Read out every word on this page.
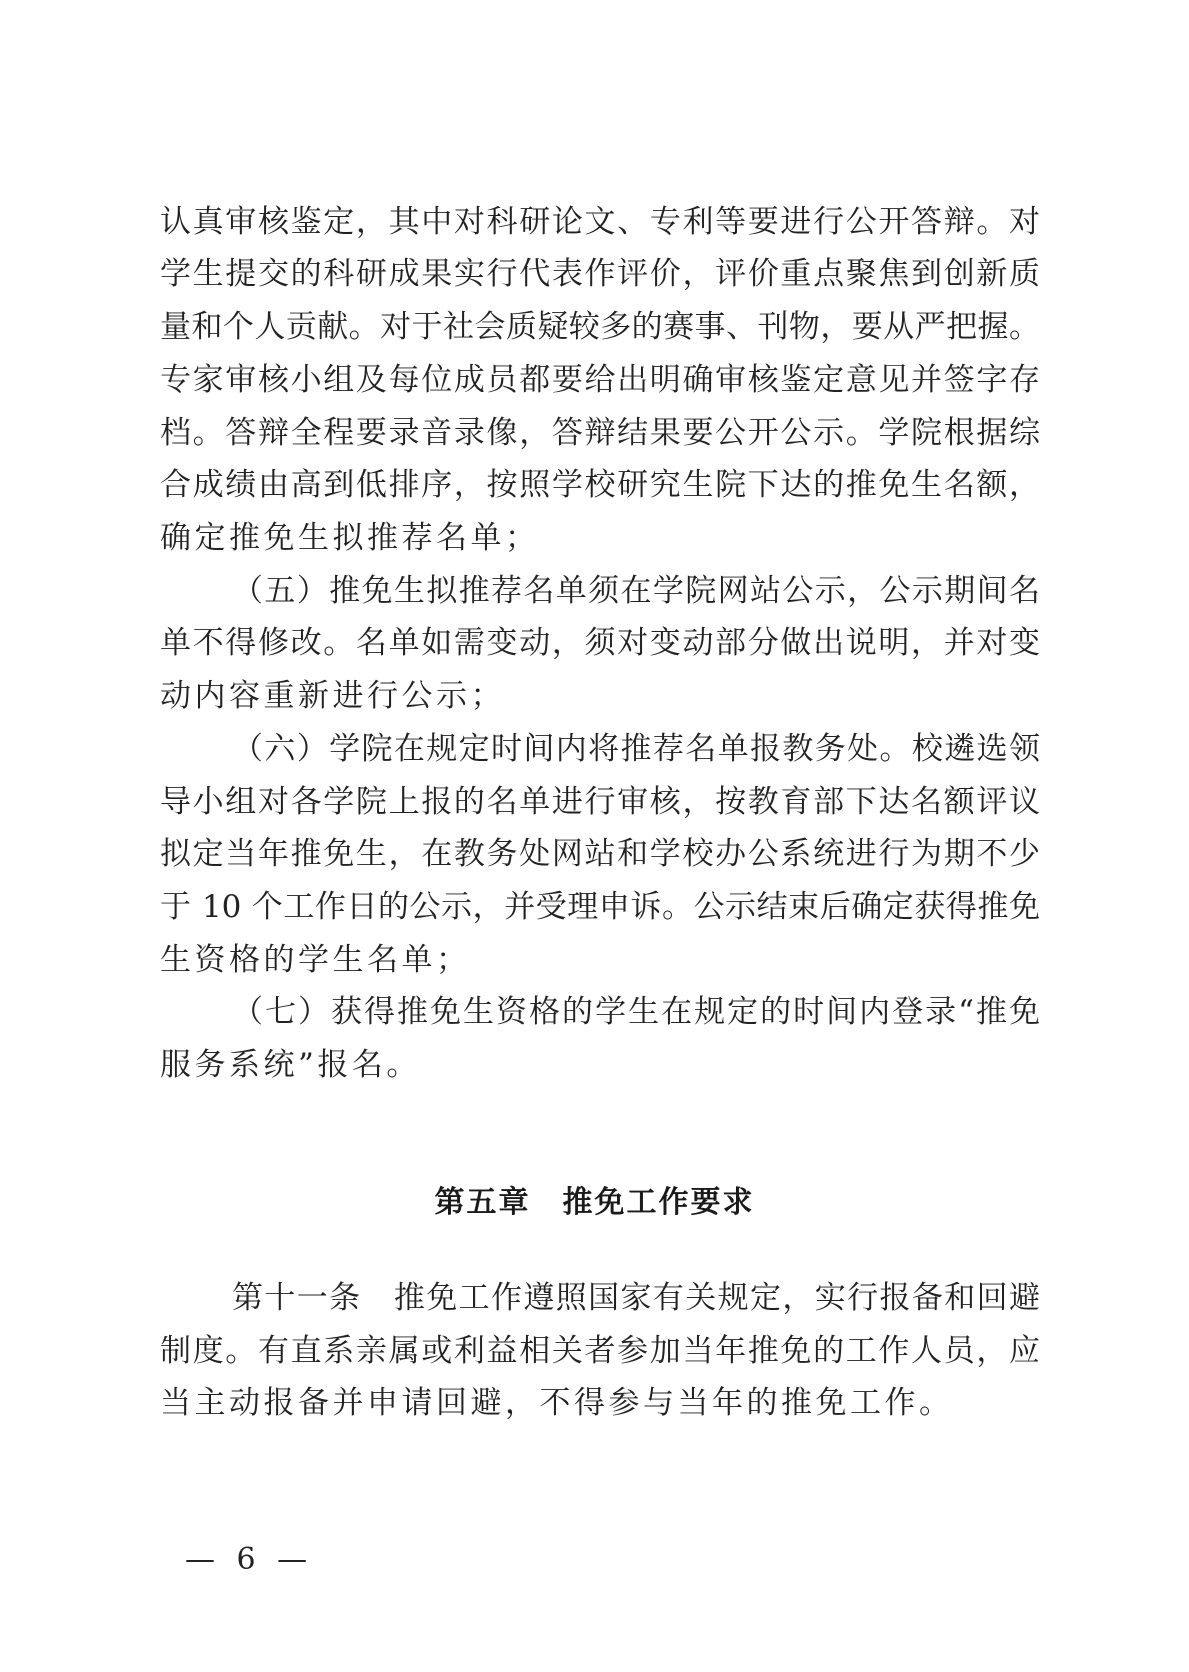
认真审核鉴定，其中对科研论文、专利等要进行公开答辩。对
学生提交的科研成果实行代表作评价，评价重点聚焦到创新质
量和个人贡献。对于社会质疑较多的赛事、刊物，要从严把握。
专家审核小组及每位成员都要给出明确审核鉴定意见并签字存
档。答辩全程要录音录像，答辩结果要公开公示。学院根据综
合成绩由高到低排序，按照学校研究生院下达的推免生名额，
确定推免生拟推荐名单；
（五）推免生拟推荐名单须在学院网站公示，公示期间名
单不得修改。名单如需变动，须对变动部分做出说明，并对变
动内容重新进行公示；
（六）学院在规定时间内将推荐名单报教务处。校遴选领
导小组对各学院上报的名单进行审核，按教育部下达名额评议
拟定当年推免生，在教务处网站和学校办公系统进行为期不少
于 10 个工作日的公示，并受理申诉。公示结束后确定获得推免
生资格的学生名单；
（七）获得推免生资格的学生在规定的时间内登录“推免
服务系统”报名。
第五章　推免工作要求
第十一条　推免工作遵照国家有关规定，实行报备和回避
制度。有直系亲属或利益相关者参加当年推免的工作人员，应
当主动报备并申请回避，不得参与当年的推免工作。
— 6 —
